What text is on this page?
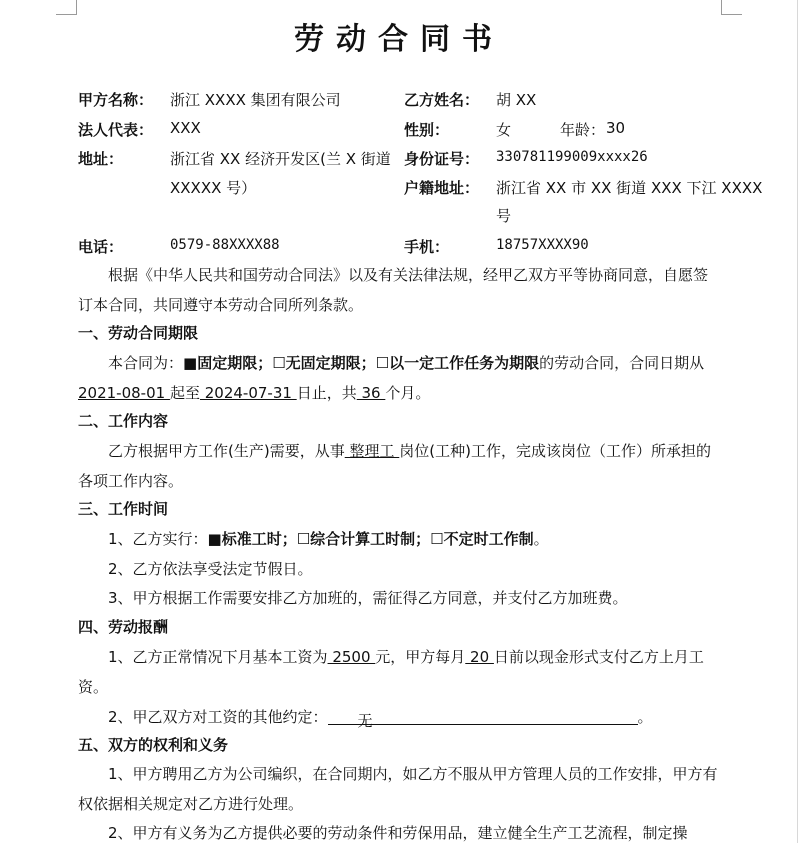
劳动合同书
甲方名称： 浙江 XXXX 集团有限公司	乙方姓名： 胡 XX
法人代表： XXX	性别：	女	年龄： 30
地址：	浙江省 XX 经济开发区(兰 X 街道
XXXXX 号）
身份证号： 330781199009xxxx26
户籍地址： 浙江省 XX 市 XX 街道 XXX 下江 XXXX
号
电话：	0579-88XXXX88	手机：	18757XXXX90
根据《中华人民共和国劳动合同法》以及有关法律法规，经甲乙双方平等协商同意，自愿签订本合同，共同遵守本劳动合同所列条款。
一、劳动合同期限
本合同为：■固定期限；☐无固定期限；☐以一定工作任务为期限的劳动合同，合同日期从 2021-08-01 起至 2024-07-31 日止，共 36 个月。
二、工作内容
乙方根据甲方工作(生产)需要，从事 整理工 岗位(工种)工作，完成该岗位（工作）所承担的各项工作内容。
三、工作时间
1、乙方实行：■标准工时；☐综合计算工时制；☐不定时工作制。
2、乙方依法享受法定节假日。
3、甲方根据工作需要安排乙方加班的，需征得乙方同意，并支付乙方加班费。
四、劳动报酬
1、乙方正常情况下月基本工资为 2500 元，甲方每月 20 日前以现金形式支付乙方上月工资。
2、甲乙双方对工资的其他约定：无	。
五、双方的权利和义务
1、甲方聘用乙方为公司编织，在合同期内，如乙方不服从甲方管理人员的工作安排，甲方有权依据相关规定对乙方进行处理。
2、甲方有义务为乙方提供必要的劳动条件和劳保用品，建立健全生产工艺流程，制定操
